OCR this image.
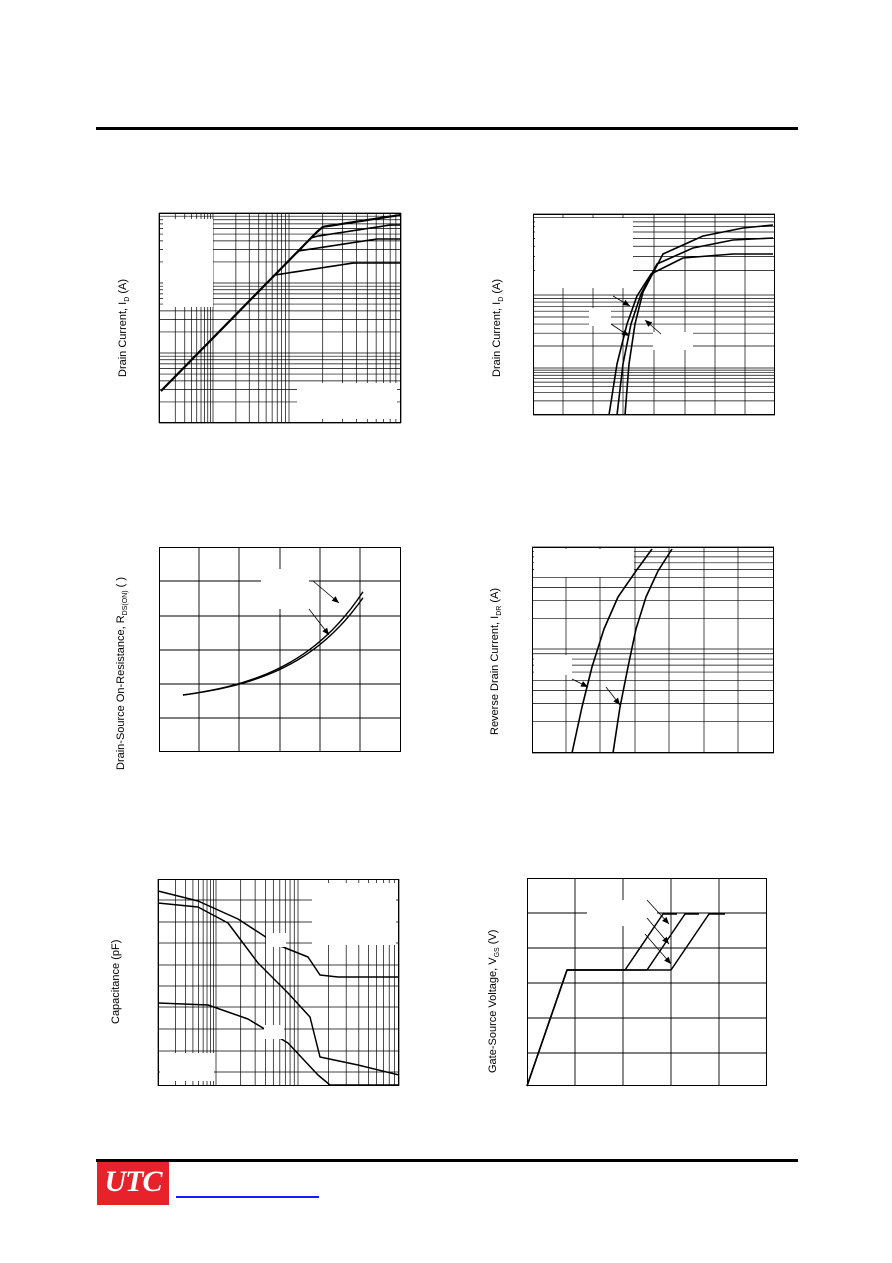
Drain Current, $I_D$ (A)
Drain Current, $I_D$ (A)
Drain-Source On-Resistance, $R_{DS(ON)}$ ( )
Reverse Drain Current, $I_{DR}$ (A)
Capacitance (pF)	Gate-Source Voltage, $V_{GS}$ (V)
UTC
